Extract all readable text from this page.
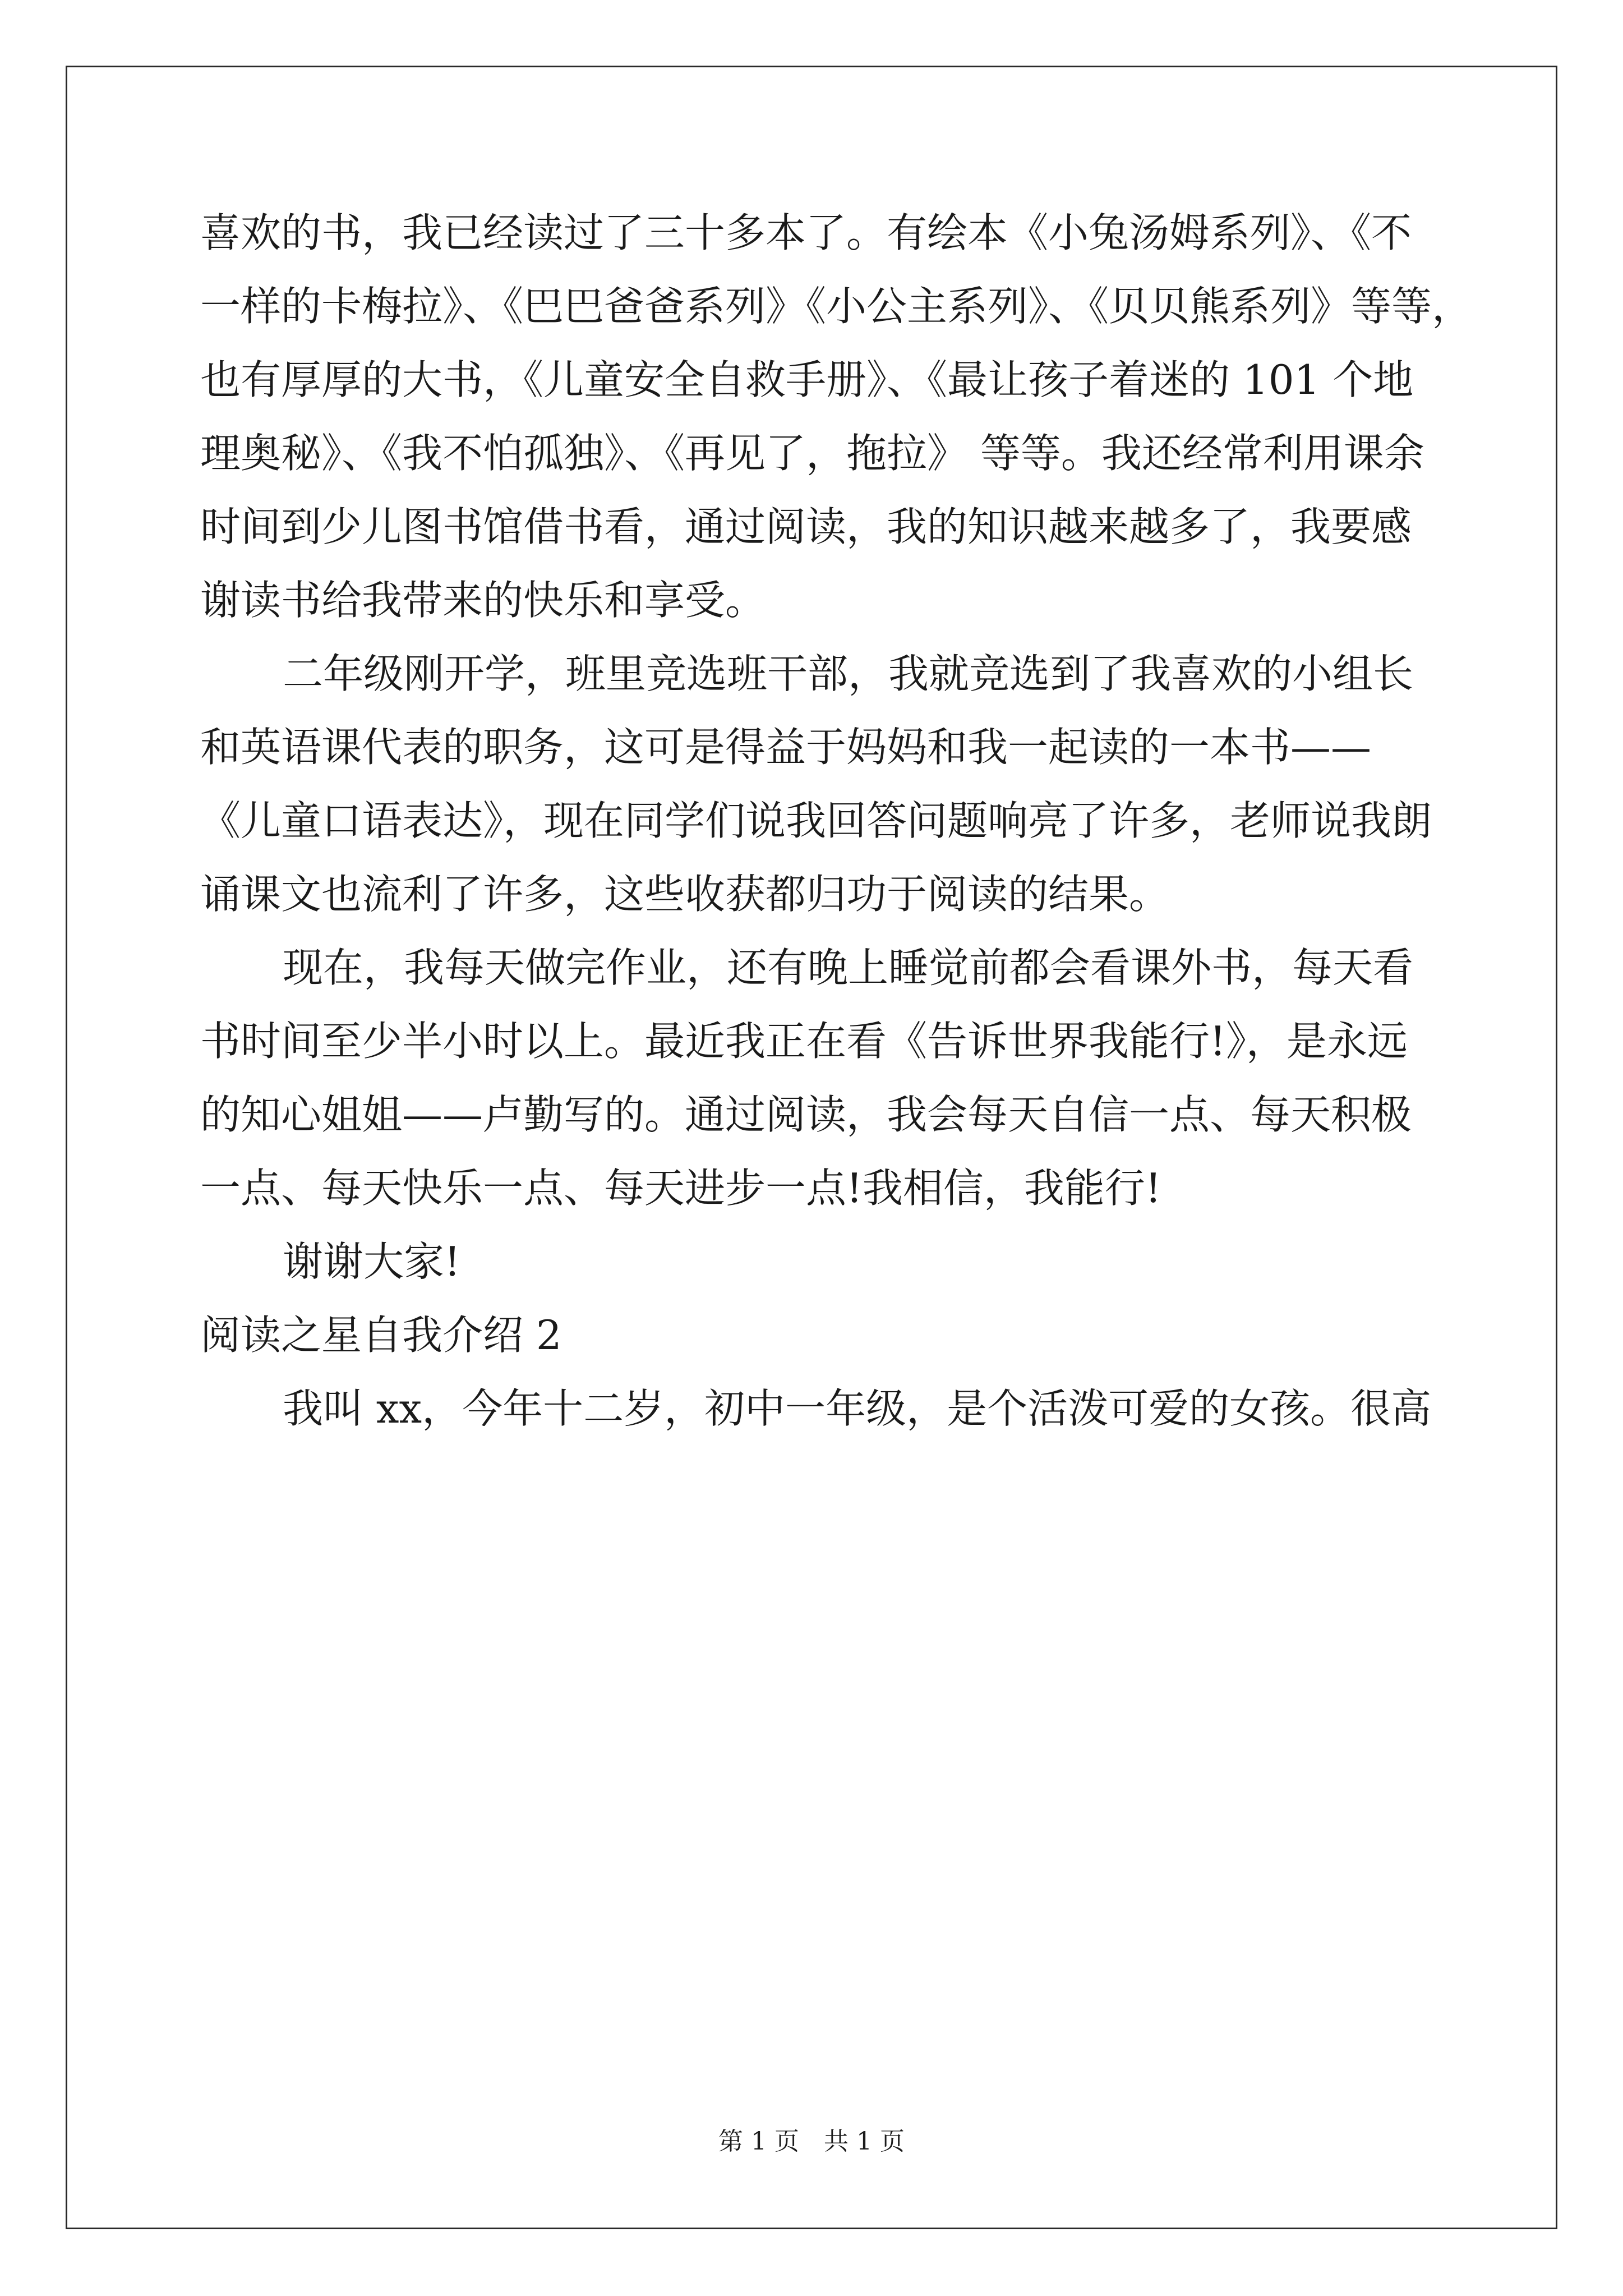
喜欢的书，我已经读过了三十多本了。有绘本《小兔汤姆系列》、《不
一样的卡梅拉》、《巴巴爸爸系列》《小公主系列》、《贝贝熊系列》等等，
也有厚厚的大书，《儿童安全自救手册》、《最让孩子着迷的 101 个地
理奥秘》、《我不怕孤独》、《再见了，拖拉》 等等。我还经常利用课余
时间到少儿图书馆借书看，通过阅读，我的知识越来越多了，我要感
谢读书给我带来的快乐和享受。
二年级刚开学，班里竞选班干部，我就竞选到了我喜欢的小组长
和英语课代表的职务，这可是得益于妈妈和我一起读的一本书——
《儿童口语表达》，现在同学们说我回答问题响亮了许多，老师说我朗
诵课文也流利了许多，这些收获都归功于阅读的结果。
现在，我每天做完作业，还有晚上睡觉前都会看课外书，每天看
书时间至少半小时以上。最近我正在看《告诉世界我能行!》，是永远
的知心姐姐——卢勤写的。通过阅读，我会每天自信一点、每天积极
一点、每天快乐一点、每天进步一点!我相信，我能行!
谢谢大家!
阅读之星自我介绍 2
我叫 xx，今年十二岁，初中一年级，是个活泼可爱的女孩。很高
第 1 页　共 1 页
